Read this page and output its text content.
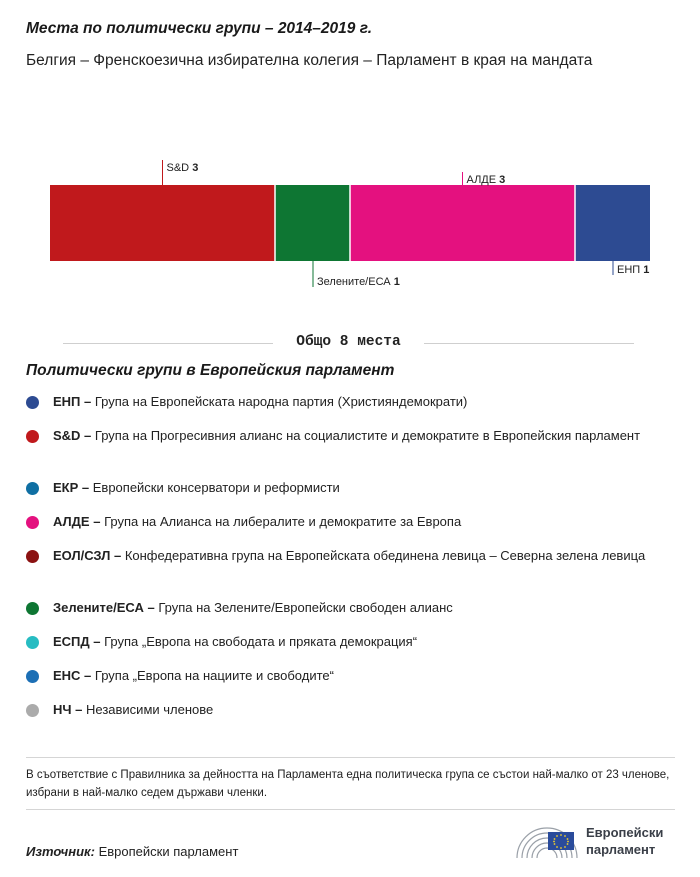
Места по политически групи – 2014–2019 г.
Белгия – Френскоезична избирателна колегия – Парламент в края на мандата
S&D 3
Зелените/ЕСА 1
АЛДЕ 3
ЕНП 1
Общо 8 места
Политически групи в Европейския парламент
ЕНП – Група на Европейската народна партия (Християндемократи)
S&D – Група на Прогресивния алианс на социалистите и демократите в Европейския парламент
ЕКР – Европейски консерватори и реформисти
АЛДЕ – Група на Алианса на либералите и демократите за Европа
ЕОЛ/СЗЛ – Конфедеративна група на Европейската обединена левица – Северна зелена левица
Зелените/ЕСА – Група на Зелените/Европейски свободен алианс
ЕСПД – Група „Европа на свободата и пряката демокрация“
ЕНС – Група „Европа на нациите и свободите“
НЧ – Независими членове
В съответствие с Правилника за дейността на Парламента една политическа група се състои най-малко от 23 членове, избрани в най-малко седем държави членки.
Източник: Европейски парламент
Европейски
парламент
